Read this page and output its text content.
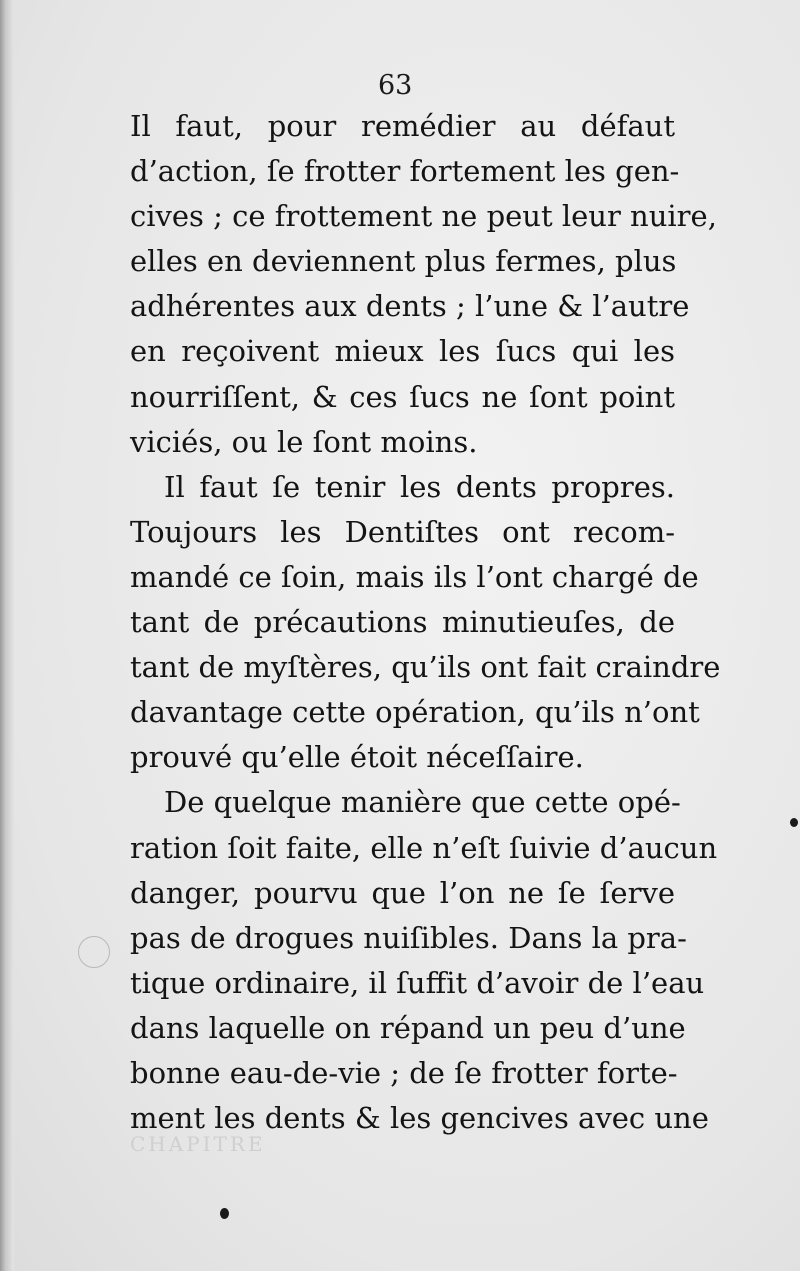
CHAPITRE
63
Il faut, pour remédier au défaut
d’action, ſe frotter fortement les gen-
cives ; ce frottement ne peut leur nuire,
elles en deviennent plus fermes, plus
adhérentes aux dents ; l’une & l’autre
en reçoivent mieux les ſucs qui les
nourriſſent, & ces ſucs ne ſont point
viciés, ou le ſont moins.
Il faut ſe tenir les dents propres.
Toujours les Dentiſtes ont recom-
mandé ce ſoin, mais ils l’ont chargé de
tant de précautions minutieuſes, de
tant de myſtères, qu’ils ont fait craindre
davantage cette opération, qu’ils n’ont
prouvé qu’elle étoit néceſſaire.
De quelque manière que cette opé-
ration ſoit faite, elle n’eſt ſuivie d’aucun
danger, pourvu que l’on ne ſe ſerve
pas de drogues nuiſibles. Dans la pra-
tique ordinaire, il ſuffit d’avoir de l’eau
dans laquelle on répand un peu d’une
bonne eau-de-vie ; de ſe frotter forte-
ment les dents & les gencives avec une
